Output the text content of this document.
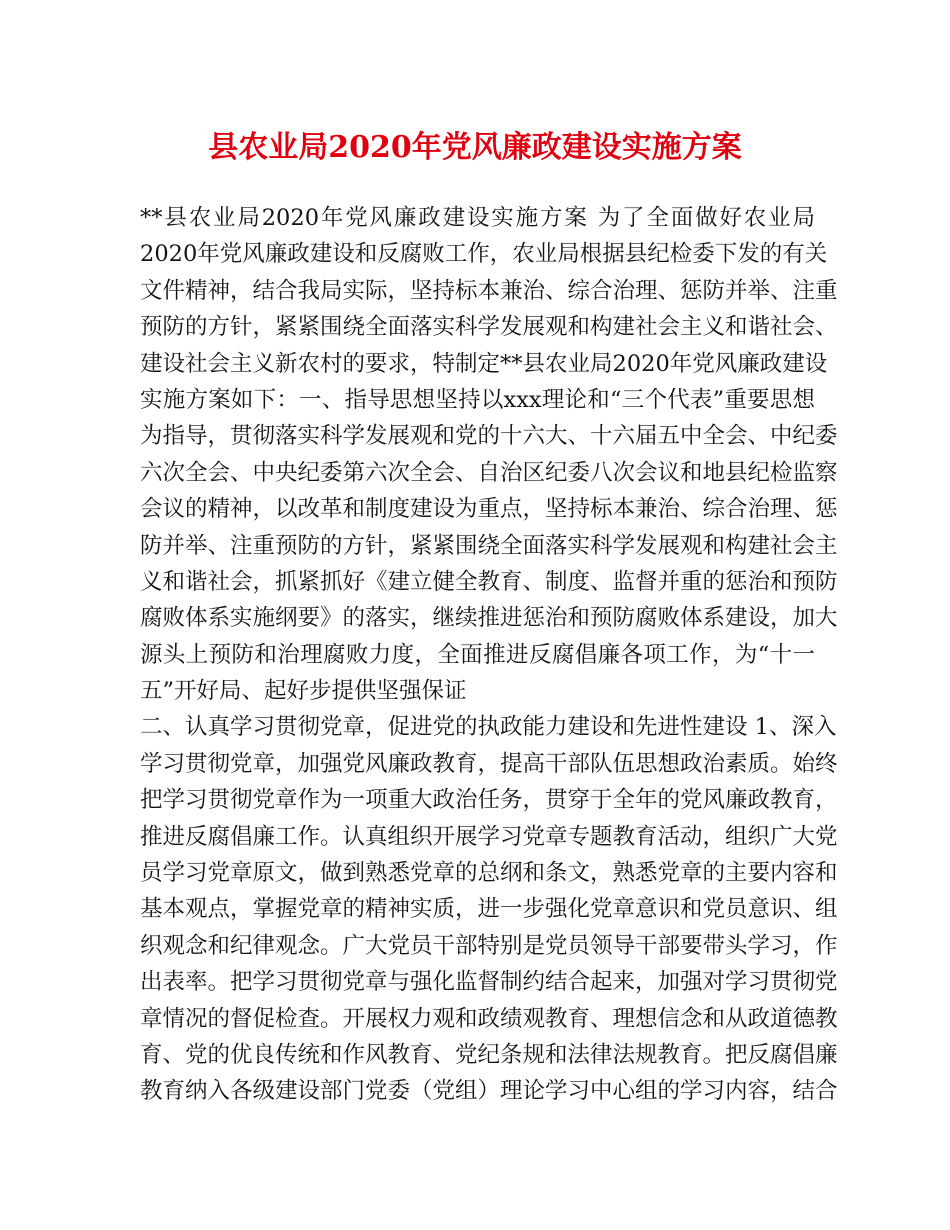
县农业局2020年党风廉政建设实施方案
**县农业局2020年党风廉政建设实施方案 为了全面做好农业局
2020年党风廉政建设和反腐败工作，农业局根据县纪检委下发的有关
文件精神，结合我局实际，坚持标本兼治、综合治理、惩防并举、注重
预防的方针，紧紧围绕全面落实科学发展观和构建社会主义和谐社会、
建设社会主义新农村的要求，特制定**县农业局2020年党风廉政建设
实施方案如下：一、指导思想坚持以xxx理论和“三个代表”重要思想
为指导，贯彻落实科学发展观和党的十六大、十六届五中全会、中纪委
六次全会、中央纪委第六次全会、自治区纪委八次会议和地县纪检监察
会议的精神，以改革和制度建设为重点，坚持标本兼治、综合治理、惩
防并举、注重预防的方针，紧紧围绕全面落实科学发展观和构建社会主
义和谐社会，抓紧抓好《建立健全教育、制度、监督并重的惩治和预防
腐败体系实施纲要》的落实，继续推进惩治和预防腐败体系建设，加大
源头上预防和治理腐败力度，全面推进反腐倡廉各项工作，为“十一
五”开好局、起好步提供坚强保证
二、认真学习贯彻党章，促进党的执政能力建设和先进性建设 1、深入
学习贯彻党章，加强党风廉政教育，提高干部队伍思想政治素质。始终
把学习贯彻党章作为一项重大政治任务，贯穿于全年的党风廉政教育，
推进反腐倡廉工作。认真组织开展学习党章专题教育活动，组织广大党
员学习党章原文，做到熟悉党章的总纲和条文，熟悉党章的主要内容和
基本观点，掌握党章的精神实质，进一步强化党章意识和党员意识、组
织观念和纪律观念。广大党员干部特别是党员领导干部要带头学习，作
出表率。把学习贯彻党章与强化监督制约结合起来，加强对学习贯彻党
章情况的督促检查。开展权力观和政绩观教育、理想信念和从政道德教
育、党的优良传统和作风教育、党纪条规和法律法规教育。把反腐倡廉
教育纳入各级建设部门党委（党组）理论学习中心组的学习内容，结合
